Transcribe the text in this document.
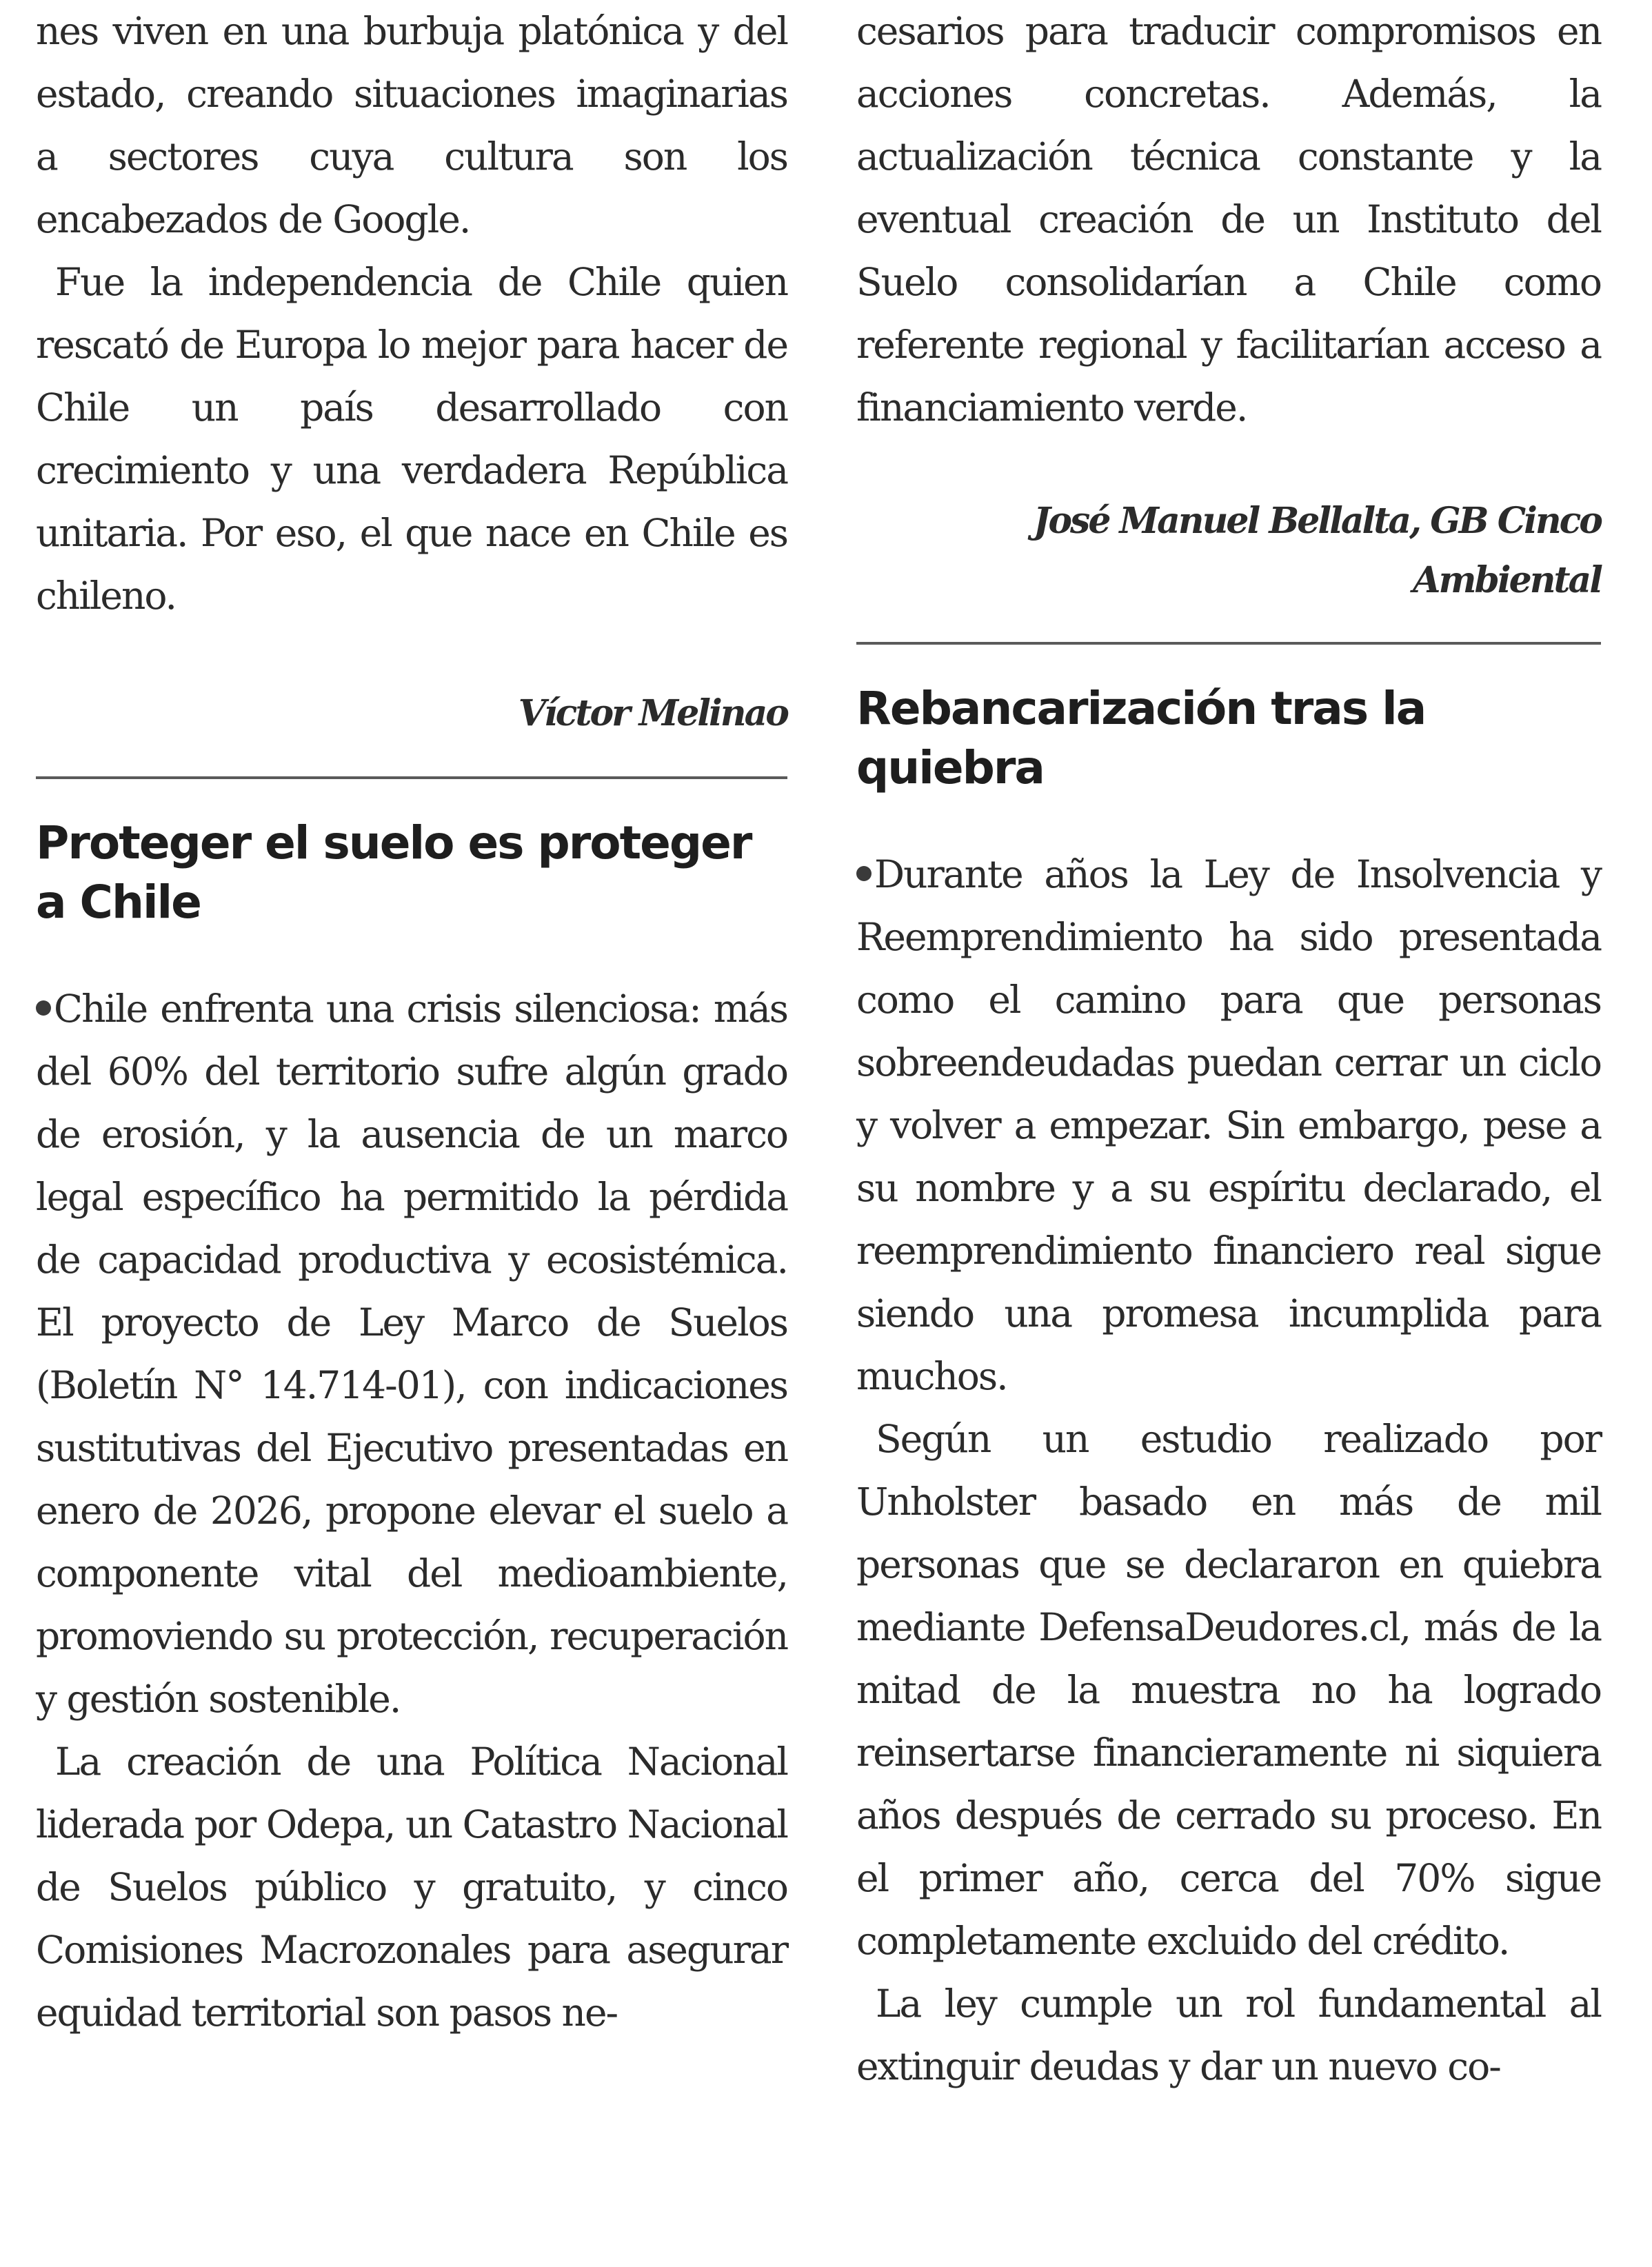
nes viven en una burbuja platónica y del estado, creando situaciones imaginarias a sectores cuya cultura son los encabezados de Google.

Fue la independencia de Chile quien rescató de Europa lo mejor para hacer de Chile un país desarrollado con crecimiento y una verdadera República unitaria. Por eso, el que nace en Chile es chileno.

Víctor Melinao

Proteger el suelo es proteger a Chile

Chile enfrenta una crisis silenciosa: más del 60% del territorio sufre algún grado de erosión, y la ausencia de un marco legal específico ha permitido la pérdida de capacidad productiva y ecosistémica. El proyecto de Ley Marco de Suelos (Boletín N° 14.714-01), con indicaciones sustitutivas del Ejecutivo presentadas en enero de 2026, propone elevar el suelo a componente vital del medioambiente, promoviendo su protección, recuperación y gestión sostenible.

La creación de una Política Nacional liderada por Odepa, un Catastro Nacional de Suelos público y gratuito, y cinco Comisiones Macrozonales para asegurar equidad territorial son pasos ne-

cesarios para traducir compromisos en acciones concretas. Además, la actualización técnica constante y la eventual creación de un Instituto del Suelo consolidarían a Chile como referente regional y facilitarían acceso a financiamiento verde.

José Manuel Bellalta, GB Cinco Ambiental

Rebancarización tras la quiebra

Durante años la Ley de Insolvencia y Reemprendimiento ha sido presentada como el camino para que personas sobreendeudadas puedan cerrar un ciclo y volver a empezar. Sin embargo, pese a su nombre y a su espíritu declarado, el reemprendimiento financiero real sigue siendo una promesa incumplida para muchos.

Según un estudio realizado por Unholster basado en más de mil personas que se declararon en quiebra mediante DefensaDeudores.cl, más de la mitad de la muestra no ha logrado reinsertarse financieramente ni siquiera años después de cerrado su proceso. En el primer año, cerca del 70% sigue completamente excluido del crédito.

La ley cumple un rol fundamental al extinguir deudas y dar un nuevo co-
